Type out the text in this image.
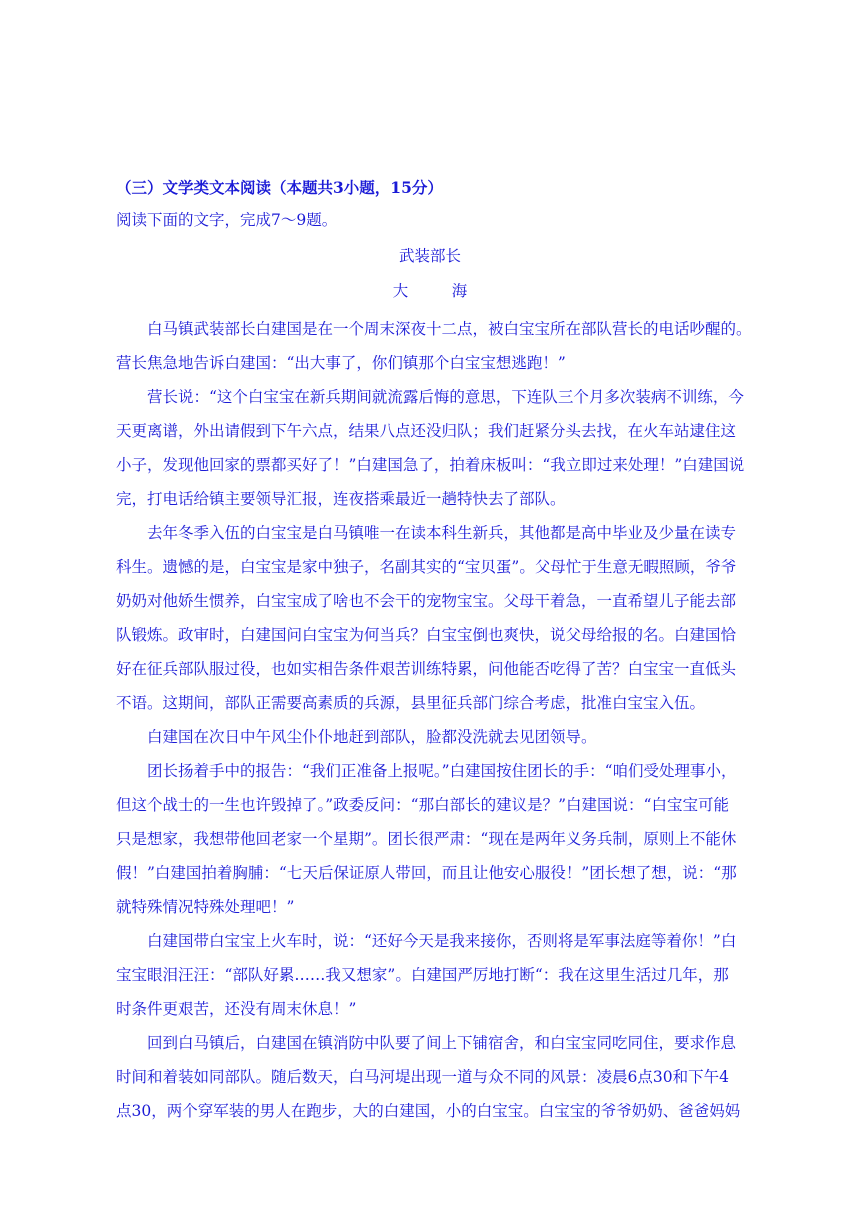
（三）文学类文本阅读（本题共3小题，15分）
阅读下面的文字，完成7～9题。
武装部长
大　海
白马镇武装部长白建国是在一个周末深夜十二点，被白宝宝所在部队营长的电话吵醒的。
营长焦急地告诉白建国：“出大事了，你们镇那个白宝宝想逃跑！”
营长说：“这个白宝宝在新兵期间就流露后悔的意思，下连队三个月多次装病不训练，今
天更离谱，外出请假到下午六点，结果八点还没归队；我们赶紧分头去找，在火车站逮住这
小子，发现他回家的票都买好了！”白建国急了，拍着床板叫：“我立即过来处理！”白建国说
完，打电话给镇主要领导汇报，连夜搭乘最近一趟特快去了部队。
去年冬季入伍的白宝宝是白马镇唯一在读本科生新兵，其他都是高中毕业及少量在读专
科生。遗憾的是，白宝宝是家中独子，名副其实的“宝贝蛋”。父母忙于生意无暇照顾，爷爷
奶奶对他娇生惯养，白宝宝成了啥也不会干的宠物宝宝。父母干着急，一直希望儿子能去部
队锻炼。政审时，白建国问白宝宝为何当兵？白宝宝倒也爽快，说父母给报的名。白建国恰
好在征兵部队服过役，也如实相告条件艰苦训练特累，问他能否吃得了苦？白宝宝一直低头
不语。这期间，部队正需要高素质的兵源，县里征兵部门综合考虑，批准白宝宝入伍。
白建国在次日中午风尘仆仆地赶到部队，脸都没洗就去见团领导。
团长扬着手中的报告：“我们正准备上报呢。”白建国按住团长的手：“咱们受处理事小，
但这个战士的一生也许毁掉了。”政委反问：“那白部长的建议是？”白建国说：“白宝宝可能
只是想家，我想带他回老家一个星期”。团长很严肃：“现在是两年义务兵制，原则上不能休
假！”白建国拍着胸脯：“七天后保证原人带回，而且让他安心服役！”团长想了想，说：“那
就特殊情况特殊处理吧！”
白建国带白宝宝上火车时，说：“还好今天是我来接你，否则将是军事法庭等着你！”白
宝宝眼泪汪汪：“部队好累……我又想家”。白建国严厉地打断“：我在这里生活过几年，那
时条件更艰苦，还没有周末休息！”
回到白马镇后，白建国在镇消防中队要了间上下铺宿舍，和白宝宝同吃同住，要求作息
时间和着装如同部队。随后数天，白马河堤出现一道与众不同的风景：凌晨6点30和下午4
点30，两个穿军装的男人在跑步，大的白建国，小的白宝宝。白宝宝的爷爷奶奶、爸爸妈妈
